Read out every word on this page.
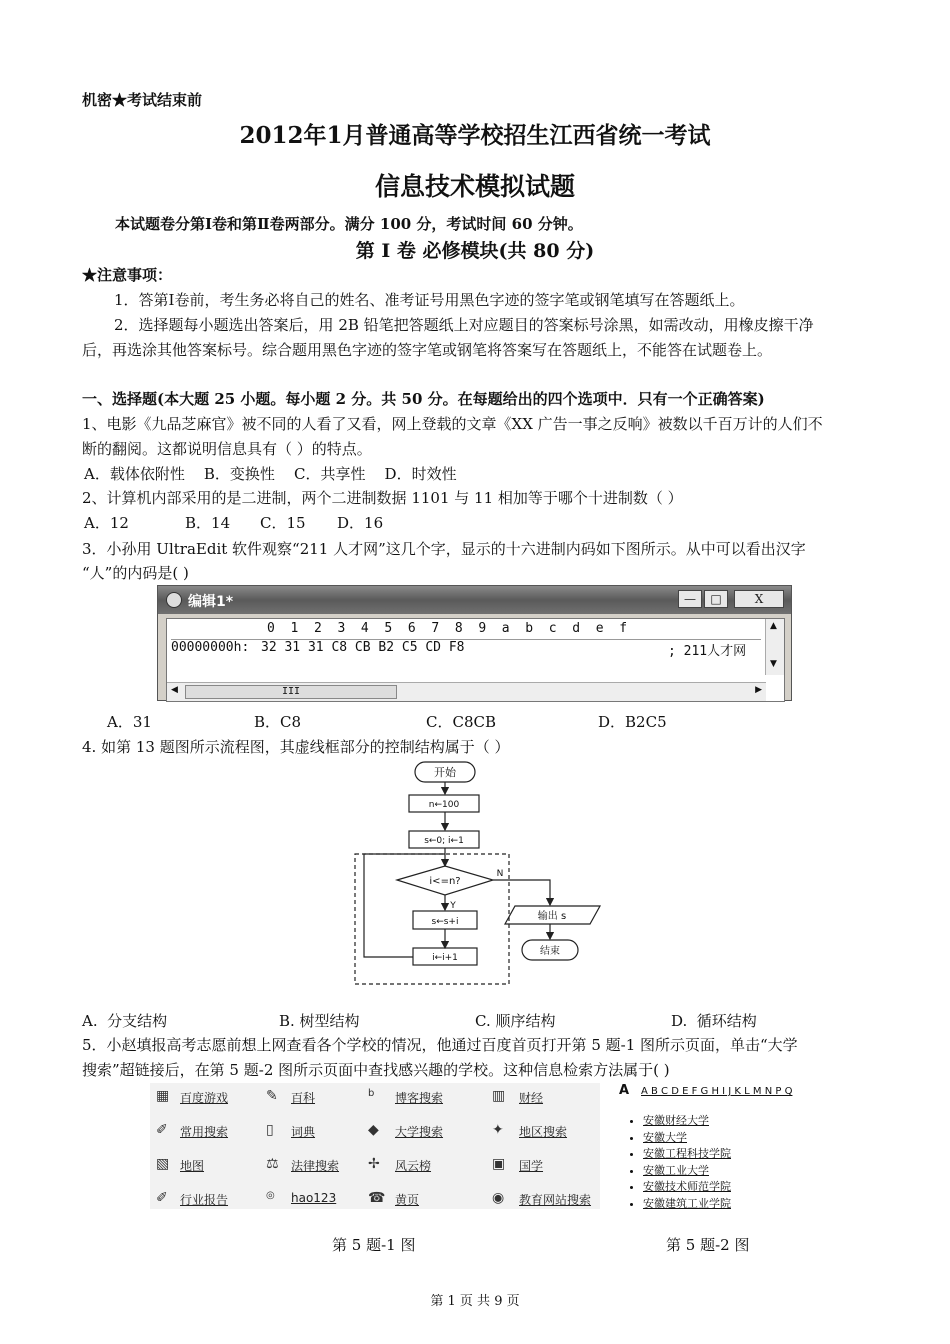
机密★考试结束前
2012年1月普通高等学校招生江西省统一考试
信息技术模拟试题
本试题卷分第Ⅰ卷和第Ⅱ卷两部分。满分 100 分，考试时间 60 分钟。
第 I 卷 必修模块(共 80 分)
★注意事项：
1．答第Ⅰ卷前，考生务必将自己的姓名、准考证号用黑色字迹的签字笔或钢笔填写在答题纸上。
2．选择题每小题选出答案后，用 2B 铅笔把答题纸上对应题目的答案标号涂黑，如需改动，用橡皮擦干净
后，再选涂其他答案标号。综合题用黑色字迹的签字笔或钢笔将答案写在答题纸上，不能答在试题卷上。
一、选择题(本大题 25 小题。每小题 2 分。共 50 分。在每题给出的四个选项中．只有一个正确答案)
1、电影《九品芝麻官》被不同的人看了又看，网上登载的文章《XX 广告一事之反响》被数以千百万计的人们不
断的翻阅。这都说明信息具有（ ）的特点。
A．载体依附性    B．变换性    C．共享性    D．时效性
2、计算机内部采用的是二进制，两个二进制数据 1101 与 11 相加等于哪个十进制数（ ）
A．12	B．14 C．15 D．16
3．小孙用 UltraEdit 软件观察“211 人才网”这几个字，显示的十六进制内码如下图所示。从中可以看出汉字
“人”的内码是( )
编辑1*	—	□	X
0  1  2  3  4  5  6  7  8  9  a  b  c  d  e  f
00000000h: 32 31 31 C8 CB B2 C5 CD F8	; 211人才网
▲
▼
◀	III	▶
A．31	B．C8	C．C8CB	D．B2C5
4. 如第 13 题图所示流程图，其虚线框部分的控制结构属于（ ）
开始
n←100
s←0; i←1
i<=n?
N
Y
s←s+i
i←i+1
输出 s
结束
A.  分支结构	B. 树型结构	C. 顺序结构	D.  循环结构
5．小赵填报高考志愿前想上网查看各个学校的情况，他通过百度首页打开第 5 题-1 图所示页面，单击“大学
搜索”超链接后，在第 5 题-2 图所示页面中查找感兴趣的学校。这种信息检索方法属于( )
▦ 百度游戏	✎ 百科	b 博客搜索	▥ 财经
✐ 常用搜索	▯ 词典	◆ 大学搜索	✦ 地区搜索
▧ 地图	⚖ 法律搜索 ✢ 风云榜	▣ 国学
✐ 行业报告	◎ hao123 ☎ 黄页	◉ 教育网站搜索
A A B C D E F G H I J K L M N P Q
• 安徽财经大学
• 安徽大学
• 安徽工程科技学院
• 安徽工业大学
• 安徽技术师范学院
• 安徽建筑工业学院
第 5 题-1 图	第 5 题-2 图
第 1 页 共 9 页
